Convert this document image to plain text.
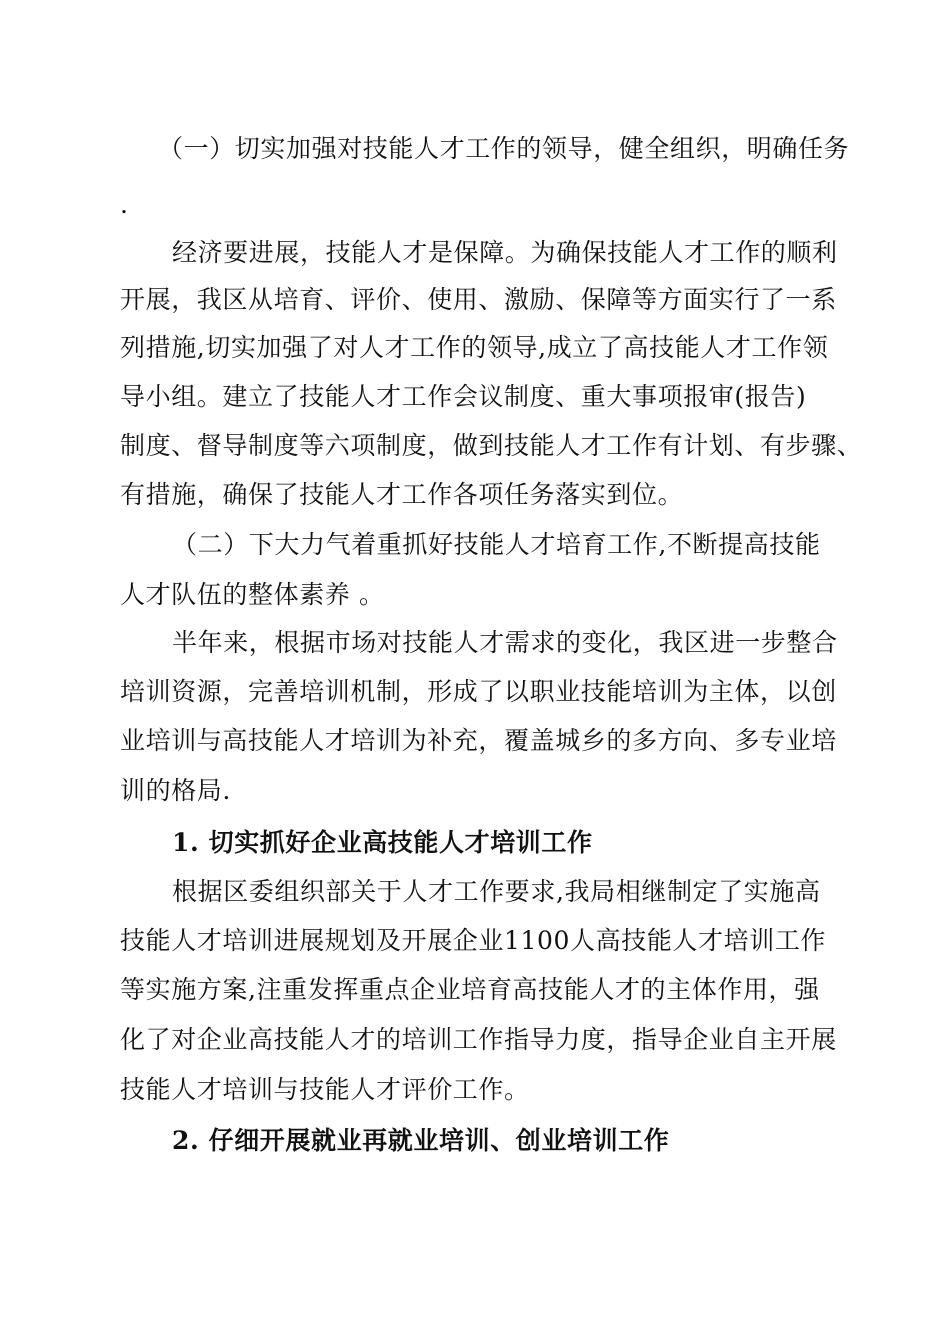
（一）切实加强对技能人才工作的领导，健全组织，明确任务
.
经济要进展，技能人才是保障。为确保技能人才工作的顺利
开展，我区从培育、评价、使用、激励、保障等方面实行了一系
列措施,切实加强了对人才工作的领导,成立了高技能人才工作领
导小组。建立了技能人才工作会议制度、重大事项报审(报告)
制度、督导制度等六项制度，做到技能人才工作有计划、有步骤、
有措施，确保了技能人才工作各项任务落实到位。
（二）下大力气着重抓好技能人才培育工作,不断提高技能
人才队伍的整体素养 。
半年来，根据市场对技能人才需求的变化，我区进一步整合
培训资源，完善培训机制，形成了以职业技能培训为主体，以创
业培训与高技能人才培训为补充，覆盖城乡的多方向、多专业培
训的格局.
1. 切实抓好企业高技能人才培训工作
根据区委组织部关于人才工作要求,我局相继制定了实施高
技能人才培训进展规划及开展企业1100人高技能人才培训工作
等实施方案,注重发挥重点企业培育高技能人才的主体作用，强
化了对企业高技能人才的培训工作指导力度，指导企业自主开展
技能人才培训与技能人才评价工作。
2. 仔细开展就业再就业培训、创业培训工作
